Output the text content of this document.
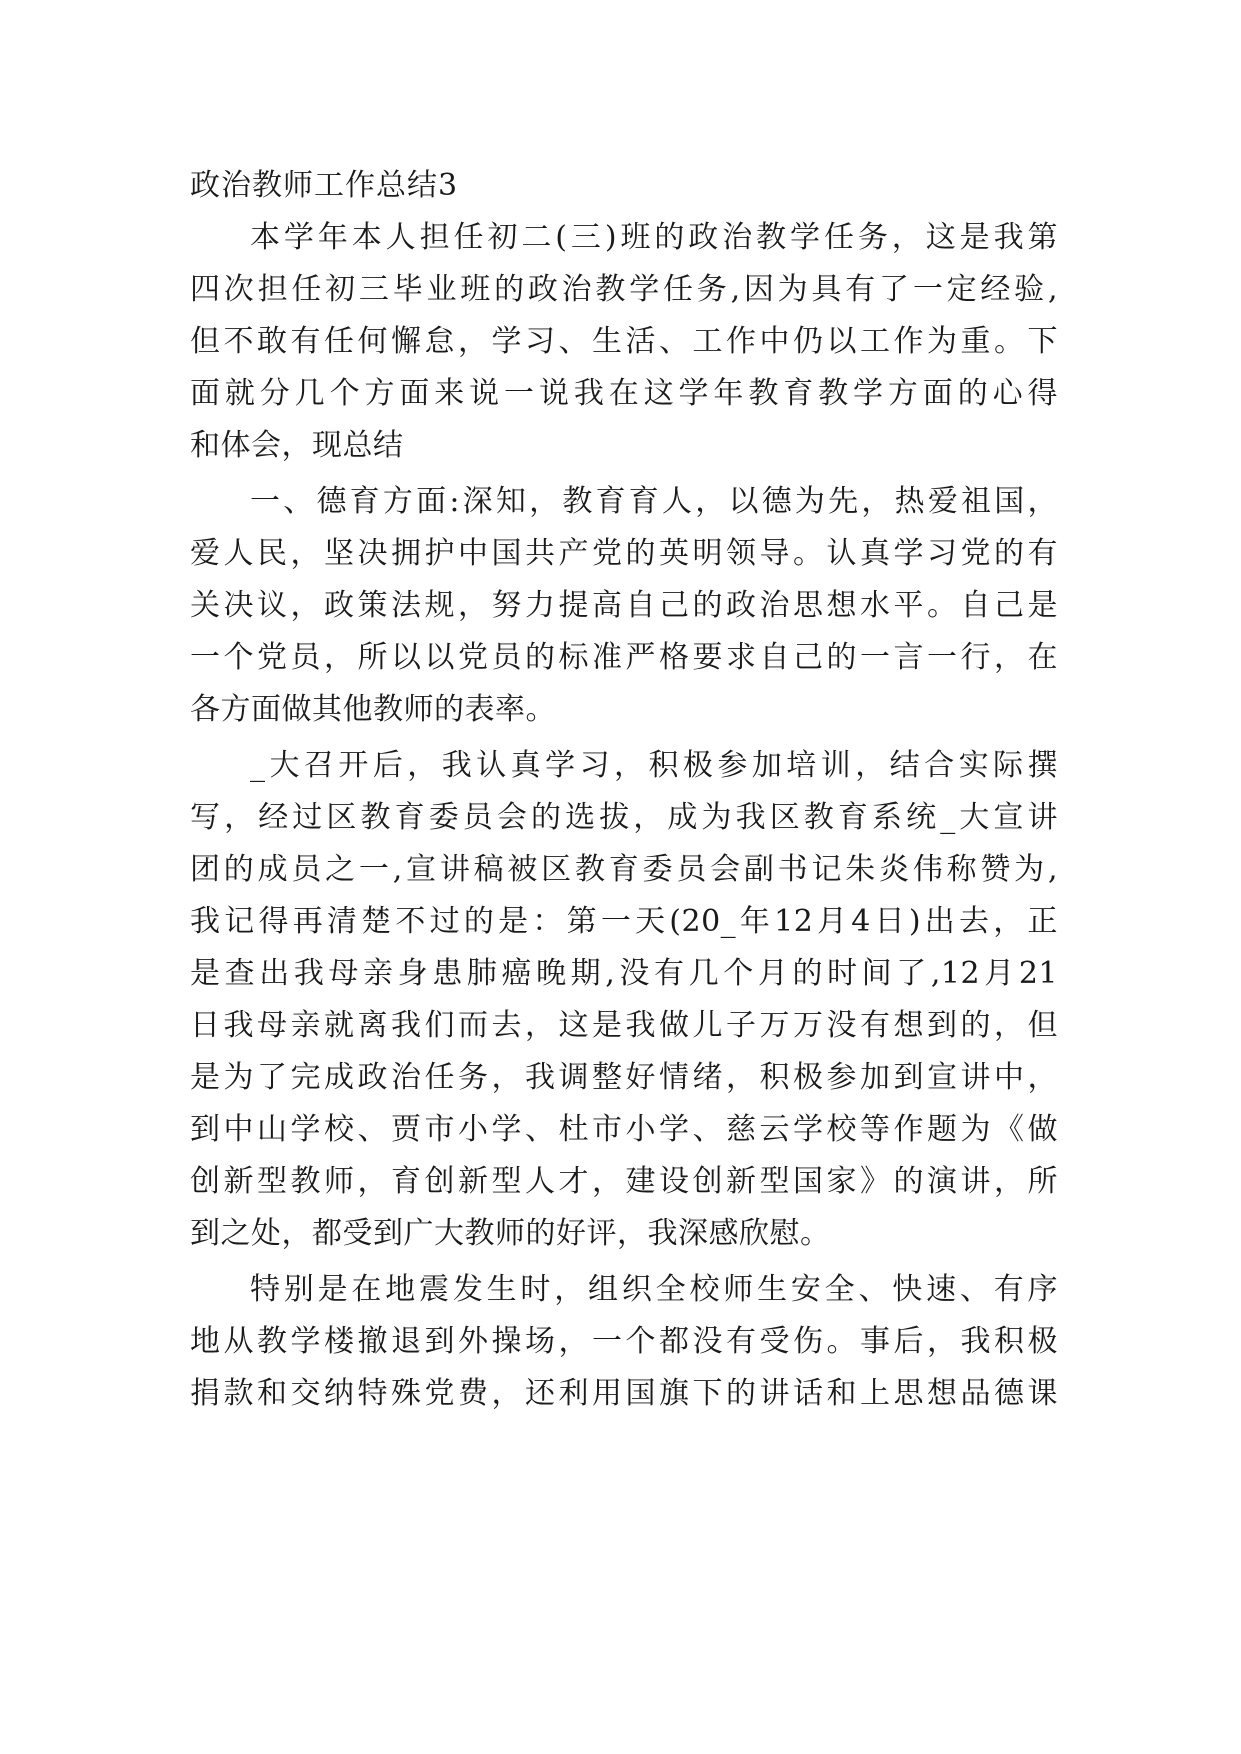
政治教师工作总结3
本学年本人担任初二(三)班的政治教学任务，这是我第
四次担任初三毕业班的政治教学任务,因为具有了一定经验,
但不敢有任何懈怠，学习、生活、工作中仍以工作为重。下
面就分几个方面来说一说我在这学年教育教学方面的心得
和体会，现总结
一、德育方面:深知，教育育人，以德为先，热爱祖国，
爱人民，坚决拥护中国共产党的英明领导。认真学习党的有
关决议，政策法规，努力提高自己的政治思想水平。自己是
一个党员，所以以党员的标准严格要求自己的一言一行，在
各方面做其他教师的表率。
_大召开后，我认真学习，积极参加培训，结合实际撰
写，经过区教育委员会的选拔，成为我区教育系统_大宣讲
团的成员之一,宣讲稿被区教育委员会副书记朱炎伟称赞为,
我记得再清楚不过的是：第一天(20_年12月4日)出去，正
是查出我母亲身患肺癌晚期,没有几个月的时间了,12月21
日我母亲就离我们而去，这是我做儿子万万没有想到的，但
是为了完成政治任务，我调整好情绪，积极参加到宣讲中，
到中山学校、贾市小学、杜市小学、慈云学校等作题为《做
创新型教师，育创新型人才，建设创新型国家》的演讲，所
到之处，都受到广大教师的好评，我深感欣慰。
特别是在地震发生时，组织全校师生安全、快速、有序
地从教学楼撤退到外操场，一个都没有受伤。事后，我积极
捐款和交纳特殊党费，还利用国旗下的讲话和上思想品德课
